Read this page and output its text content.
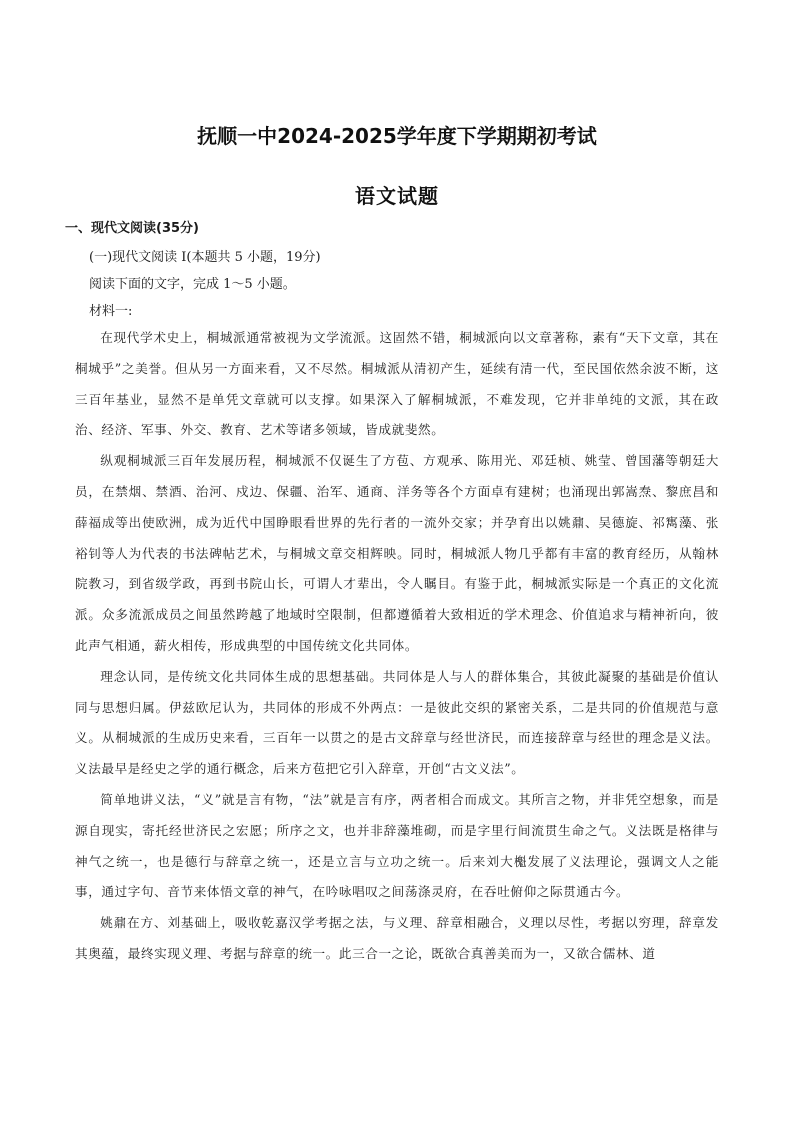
抚顺一中2024-2025学年度下学期期初考试
语文试题

一、现代文阅读(35分)

(一)现代文阅读 I(本题共 5 小题，19分)

阅读下面的文字，完成 1～5 小题。

材料一:

在现代学术史上，桐城派通常被视为文学流派。这固然不错，桐城派向以文章著称，素有“天下文章，其在桐城乎”之美誉。但从另一方面来看，又不尽然。桐城派从清初产生，延续有清一代，至民国依然余波不断，这三百年基业，显然不是单凭文章就可以支撑。如果深入了解桐城派，不难发现，它并非单纯的文派，其在政治、经济、军事、外交、教育、艺术等诸多领域，皆成就斐然。

纵观桐城派三百年发展历程，桐城派不仅诞生了方苞、方观承、陈用光、邓廷桢、姚莹、曾国藩等朝廷大员，在禁烟、禁酒、治河、戍边、保疆、治军、通商、洋务等各个方面卓有建树；也涌现出郭嵩焘、黎庶昌和薛福成等出使欧洲，成为近代中国睁眼看世界的先行者的一流外交家；并孕育出以姚鼐、吴德旋、祁寯藻、张裕钊等人为代表的书法碑帖艺术，与桐城文章交相辉映。同时，桐城派人物几乎都有丰富的教育经历，从翰林院教习，到省级学政，再到书院山长，可谓人才辈出，令人瞩目。有鉴于此，桐城派实际是一个真正的文化流派。众多流派成员之间虽然跨越了地域时空限制，但都遵循着大致相近的学术理念、价值追求与精神祈向，彼此声气相通，薪火相传，形成典型的中国传统文化共同体。

理念认同，是传统文化共同体生成的思想基础。共同体是人与人的群体集合，其彼此凝聚的基础是价值认同与思想归属。伊兹欧尼认为，共同体的形成不外两点：一是彼此交织的紧密关系，二是共同的价值规范与意义。从桐城派的生成历史来看，三百年一以贯之的是古文辞章与经世济民，而连接辞章与经世的理念是义法。义法最早是经史之学的通行概念，后来方苞把它引入辞章，开创“古文义法”。

简单地讲义法，“义”就是言有物，“法”就是言有序，两者相合而成文。其所言之物，并非凭空想象，而是源自现实，寄托经世济民之宏愿；所序之文，也并非辞藻堆砌，而是字里行间流贯生命之气。义法既是格律与神气之统一，也是德行与辞章之统一，还是立言与立功之统一。后来刘大櫆发展了义法理论，强调文人之能事，通过字句、音节来体悟文章的神气，在吟咏唱叹之间荡涤灵府，在吞吐俯仰之际贯通古今。

姚鼐在方、刘基础上，吸收乾嘉汉学考据之法，与义理、辞章相融合，义理以尽性，考据以穷理，辞章发其奥蕴，最终实现义理、考据与辞章的统一。此三合一之论，既欲合真善美而为一，又欲合儒林、道
